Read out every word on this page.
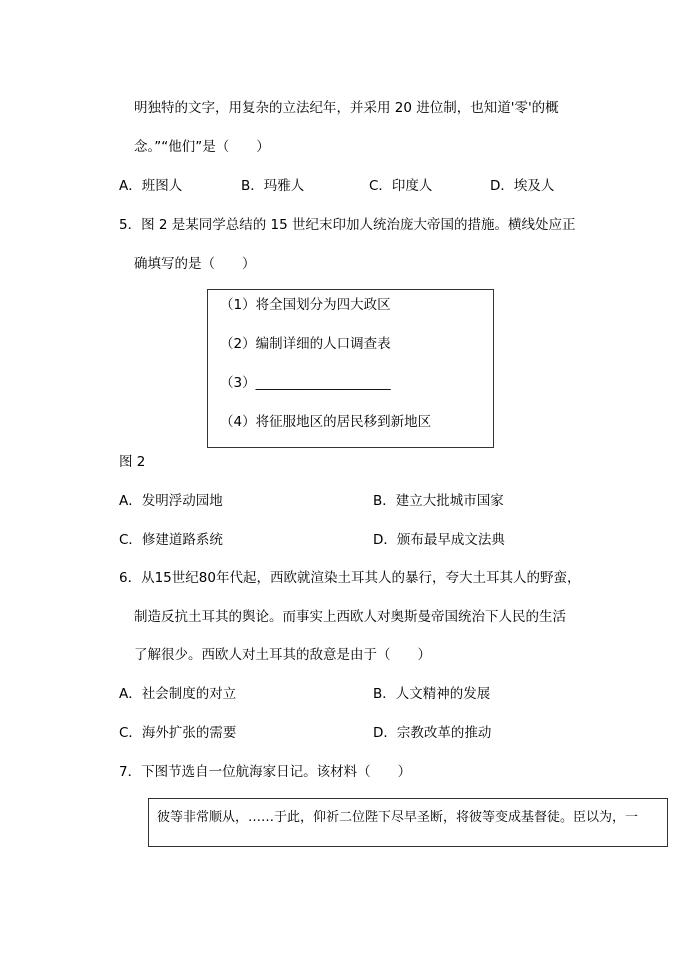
明独特的文字，用复杂的立法纪年，并采用 20 进位制，也知道'零'的概
念。”“他们”是（　　）
A．班图人	B．玛雅人	C．印度人	D．埃及人
5．图 2 是某同学总结的 15 世纪末印加人统治庞大帝国的措施。横线处应正
确填写的是（　　）
（1）将全国划分为四大政区
（2）编制详细的人口调查表
（3）____________________
（4）将征服地区的居民移到新地区
图 2
A．发明浮动园地	B．建立大批城市国家
C．修建道路系统	D．颁布最早成文法典
6．从15世纪80年代起，西欧就渲染土耳其人的暴行，夸大土耳其人的野蛮，
制造反抗土耳其的舆论。而事实上西欧人对奥斯曼帝国统治下人民的生活
了解很少。西欧人对土耳其的敌意是由于（　　）
A．社会制度的对立	B．人文精神的发展
C．海外扩张的需要	D．宗教改革的推动
7．下图节选自一位航海家日记。该材料（　　）
彼等非常顺从，……于此，仰祈二位陛下尽早圣断，将彼等变成基督徒。臣以为，一
